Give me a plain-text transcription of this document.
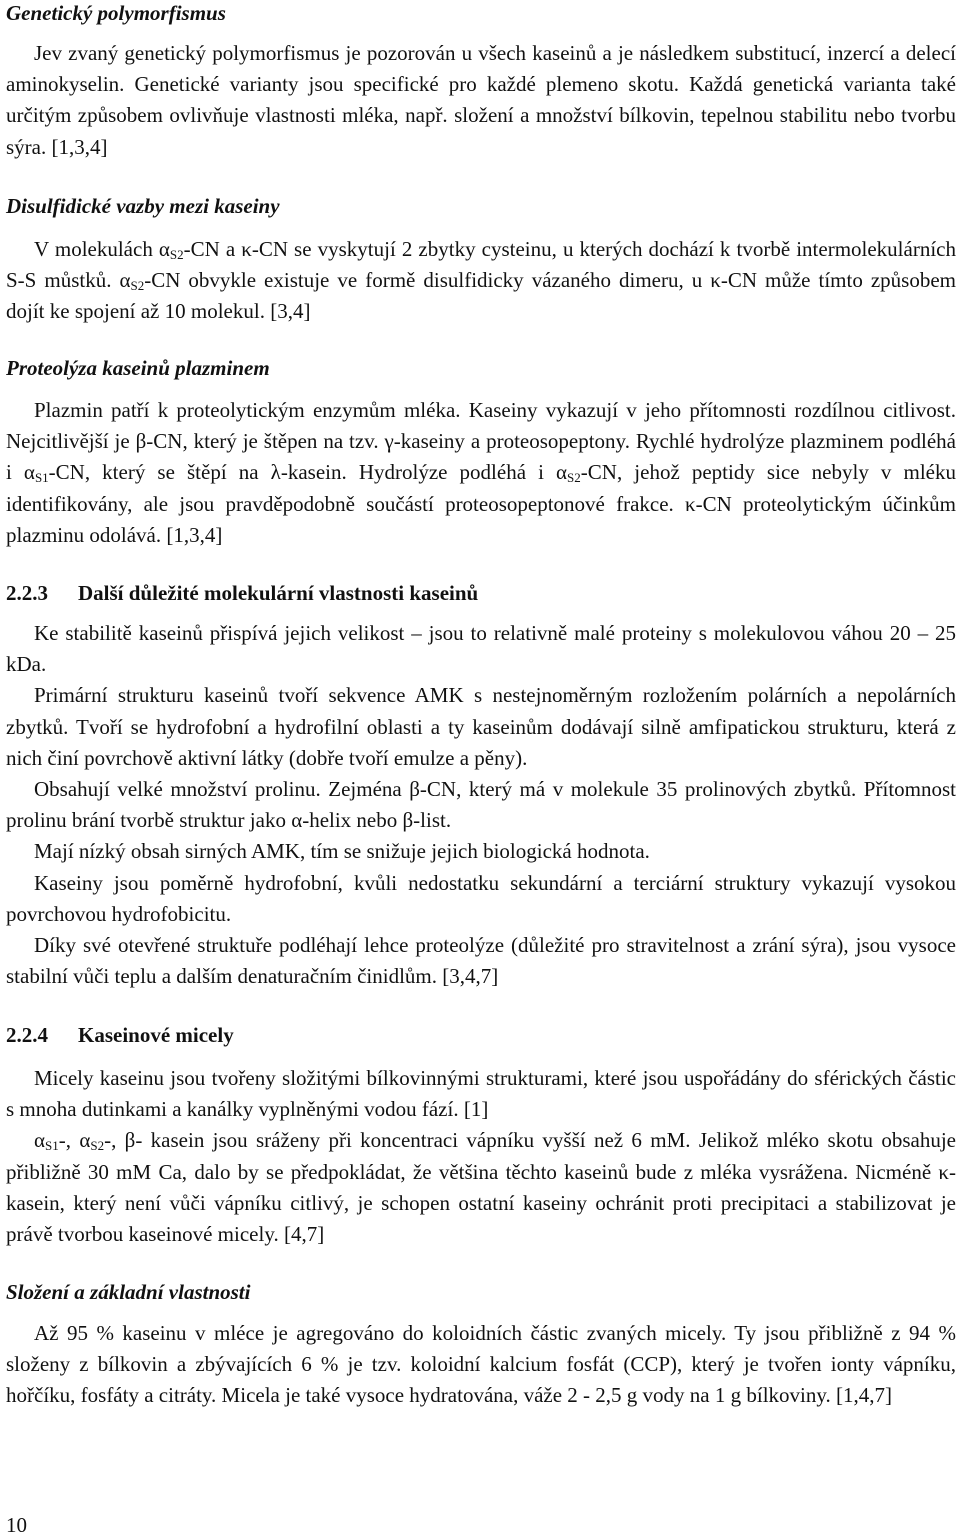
Genetický polymorfismus

Jev zvaný genetický polymorfismus je pozorován u všech kaseinů a je následkem substitucí, inzercí a delecí aminokyselin. Genetické varianty jsou specifické pro každé plemeno skotu. Každá genetická varianta také určitým způsobem ovlivňuje vlastnosti mléka, např. složení a množství bílkovin, tepelnou stabilitu nebo tvorbu sýra. [1,3,4]

Disulfidické vazby mezi kaseiny

V molekulách $\alpha_{S2}-CN$ a κ-CN se vyskytují 2 zbytky cysteinu, u kterých dochází k tvorbě intermolekulárních S-S můstků. $\alpha_{S2}-CN$ obvykle existuje ve formě disulfidicky vázaného dimeru, u κ-CN může tímto způsobem dojít ke spojení až 10 molekul. [3,4]

Proteolýza kaseinů plazminem

Plazmin patří k proteolytickým enzymům mléka. Kaseiny vykazují v jeho přítomnosti rozdílnou citlivost. Nejcitlivější je β-CN, který je štěpen na tzv. γ-kaseiny a proteosopeptony. Rychlé hydrolýze plazminem podléhá i $\alpha_{S1}-CN$, který se štěpí na λ-kasein. Hydrolýze podléhá i $\alpha_{S2}-CN$, jehož peptidy sice nebyly v mléku identifikovány, ale jsou pravděpodobně součástí proteosopeptonové frakce. κ-CN proteolytickým účinkům plazminu odolává. [1,3,4]

2.2.3 Další důležité molekulární vlastnosti kaseinů

Ke stabilitě kaseinů přispívá jejich velikost – jsou to relativně malé proteiny s molekulovou váhou 20 – 25 kDa.

Primární strukturu kaseinů tvoří sekvence AMK s nestejnoměrným rozložením polárních a nepolárních zbytků. Tvoří se hydrofobní a hydrofilní oblasti a ty kaseinům dodávají silně amfipatickou strukturu, která z nich činí povrchově aktivní látky (dobře tvoří emulze a pěny).

Obsahují velké množství prolinu. Zejména β-CN, který má v molekule 35 prolinových zbytků. Přítomnost prolinu brání tvorbě struktur jako α-helix nebo β-list.

Mají nízký obsah sirných AMK, tím se snižuje jejich biologická hodnota.

Kaseiny jsou poměrně hydrofobní, kvůli nedostatku sekundární a terciární struktury vykazují vysokou povrchovou hydrofobicitu.

Díky své otevřené struktuře podléhají lehce proteolýze (důležité pro stravitelnost a zrání sýra), jsou vysoce stabilní vůči teplu a dalším denaturačním činidlům. [3,4,7]

2.2.4 Kaseinové micely

Micely kaseinu jsou tvořeny složitými bílkovinnými strukturami, které jsou uspořádány do sférických částic s mnoha dutinkami a kanálky vyplněnými vodou fází. [1]

$\alpha_{S1}-$, $\alpha_{S2}-$, β- kasein jsou sráženy při koncentraci vápníku vyšší než 6 mM. Jelikož mléko skotu obsahuje přibližně 30 mM Ca, dalo by se předpokládat, že většina těchto kaseinů bude z mléka vysrážena. Nicméně κ-kasein, který není vůči vápníku citlivý, je schopen ostatní kaseiny ochránit proti precipitaci a stabilizovat je právě tvorbou kaseinové micely. [4,7]

Složení a základní vlastnosti

Až 95 % kaseinu v mléce je agregováno do koloidních částic zvaných micely. Ty jsou přibližně z 94 % složeny z bílkovin a zbývajících 6 % je tzv. koloidní kalcium fosfát (CCP), který je tvořen ionty vápníku, hořčíku, fosfáty a citráty. Micela je také vysoce hydratována, váže 2 - 2,5 g vody na 1 g bílkoviny. [1,4,7]

10
